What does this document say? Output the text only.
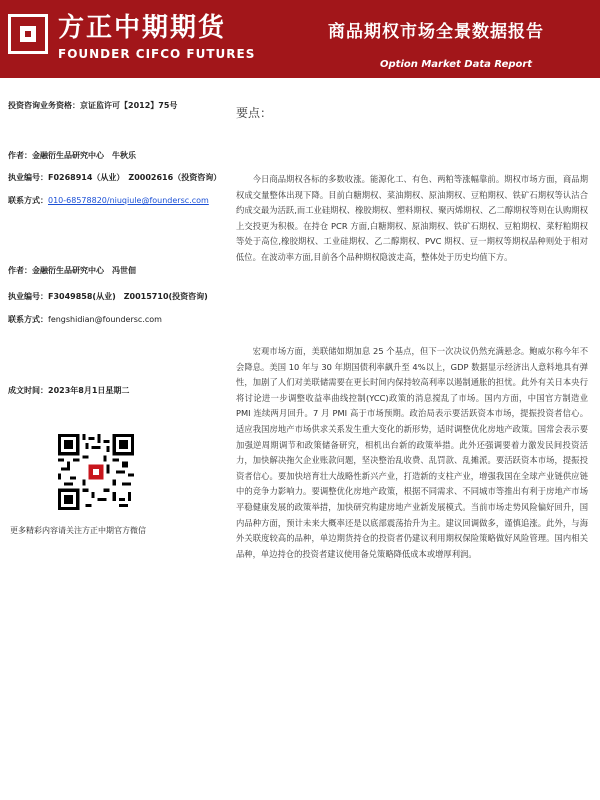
方正中期期货
FOUNDER CIFCO FUTURES
商品期权市场全景数据报告
Option Market Data Report
投资咨询业务资格：京证监许可【2012】75号
作者：金融衍生品研究中心　牛秋乐
执业编号：F0268914（从业）　Z0002616（投资咨询）
联系方式：010-68578820/niuqiule@foundersc.com
作者：金融衍生品研究中心　冯世佃
执业编号：F3049858(从业)　Z0015710(投资咨询)
联系方式：fengshidian@foundersc.com
成文时间：2023年8月1日星期二
更多精彩内容请关注方正中期官方微信
要点：

今日商品期权各标的多数收涨。能源化工、有色、两粕等涨幅靠前。期权市场方面，商品期权成交量整体出现下降。目前白糖期权、菜油期权、原油期权、豆粕期权、铁矿石期权等认沽合约成交最为活跃,而工业硅期权、橡胶期权、塑料期权、聚丙烯期权、乙二醇期权等则在认购期权上交投更为积极。在持仓 PCR 方面,白糖期权、原油期权、铁矿石期权、豆粕期权、菜籽粕期权等处于高位,橡胶期权、工业硅期权、乙二醇期权、PVC 期权、豆一期权等期权品种则处于相对低位。在波动率方面,目前各个品种期权隐波走高，整体处于历史均值下方。

宏观市场方面，美联储如期加息 25 个基点，但下一次决议仍然充满悬念。鲍威尔称今年不会降息。美国 10 年与 30 年期国债利率飙升至 4%以上，GDP 数据显示经济出人意料地具有弹性，加剧了人们对美联储需要在更长时间内保持较高利率以遏制通胀的担忧。此外有关日本央行将讨论进一步调整收益率曲线控制(YCC)政策的消息搅乱了市场。国内方面，中国官方制造业 PMI 连续两月回升。7 月 PMI 高于市场预期。政治局表示要活跃资本市场，提振投资者信心。适应我国房地产市场供求关系发生重大变化的新形势，适时调整优化房地产政策。国常会表示要加强逆周期调节和政策储备研究，相机出台新的政策举措。此外还强调要着力激发民间投资活力，加快解决拖欠企业账款问题，坚决整治乱收费、乱罚款、乱摊派。要活跃资本市场，提振投资者信心。要加快培育壮大战略性新兴产业，打造新的支柱产业，增强我国在全球产业链供应链中的竞争力影响力。要调整优化房地产政策，根据不同需求、不同城市等推出有利于房地产市场平稳健康发展的政策举措，加快研究构建房地产业新发展模式。当前市场走势风险偏好回升，国内品种方面，预计未来大概率还是以底部震荡抬升为主。建议回调做多，谨慎追涨。此外，与海外关联度较高的品种，单边期货持仓的投资者仍建议利用期权保险策略做好风险管理。国内相关品种，单边持仓的投资者建议使用备兑策略降低成本或增厚利润。
